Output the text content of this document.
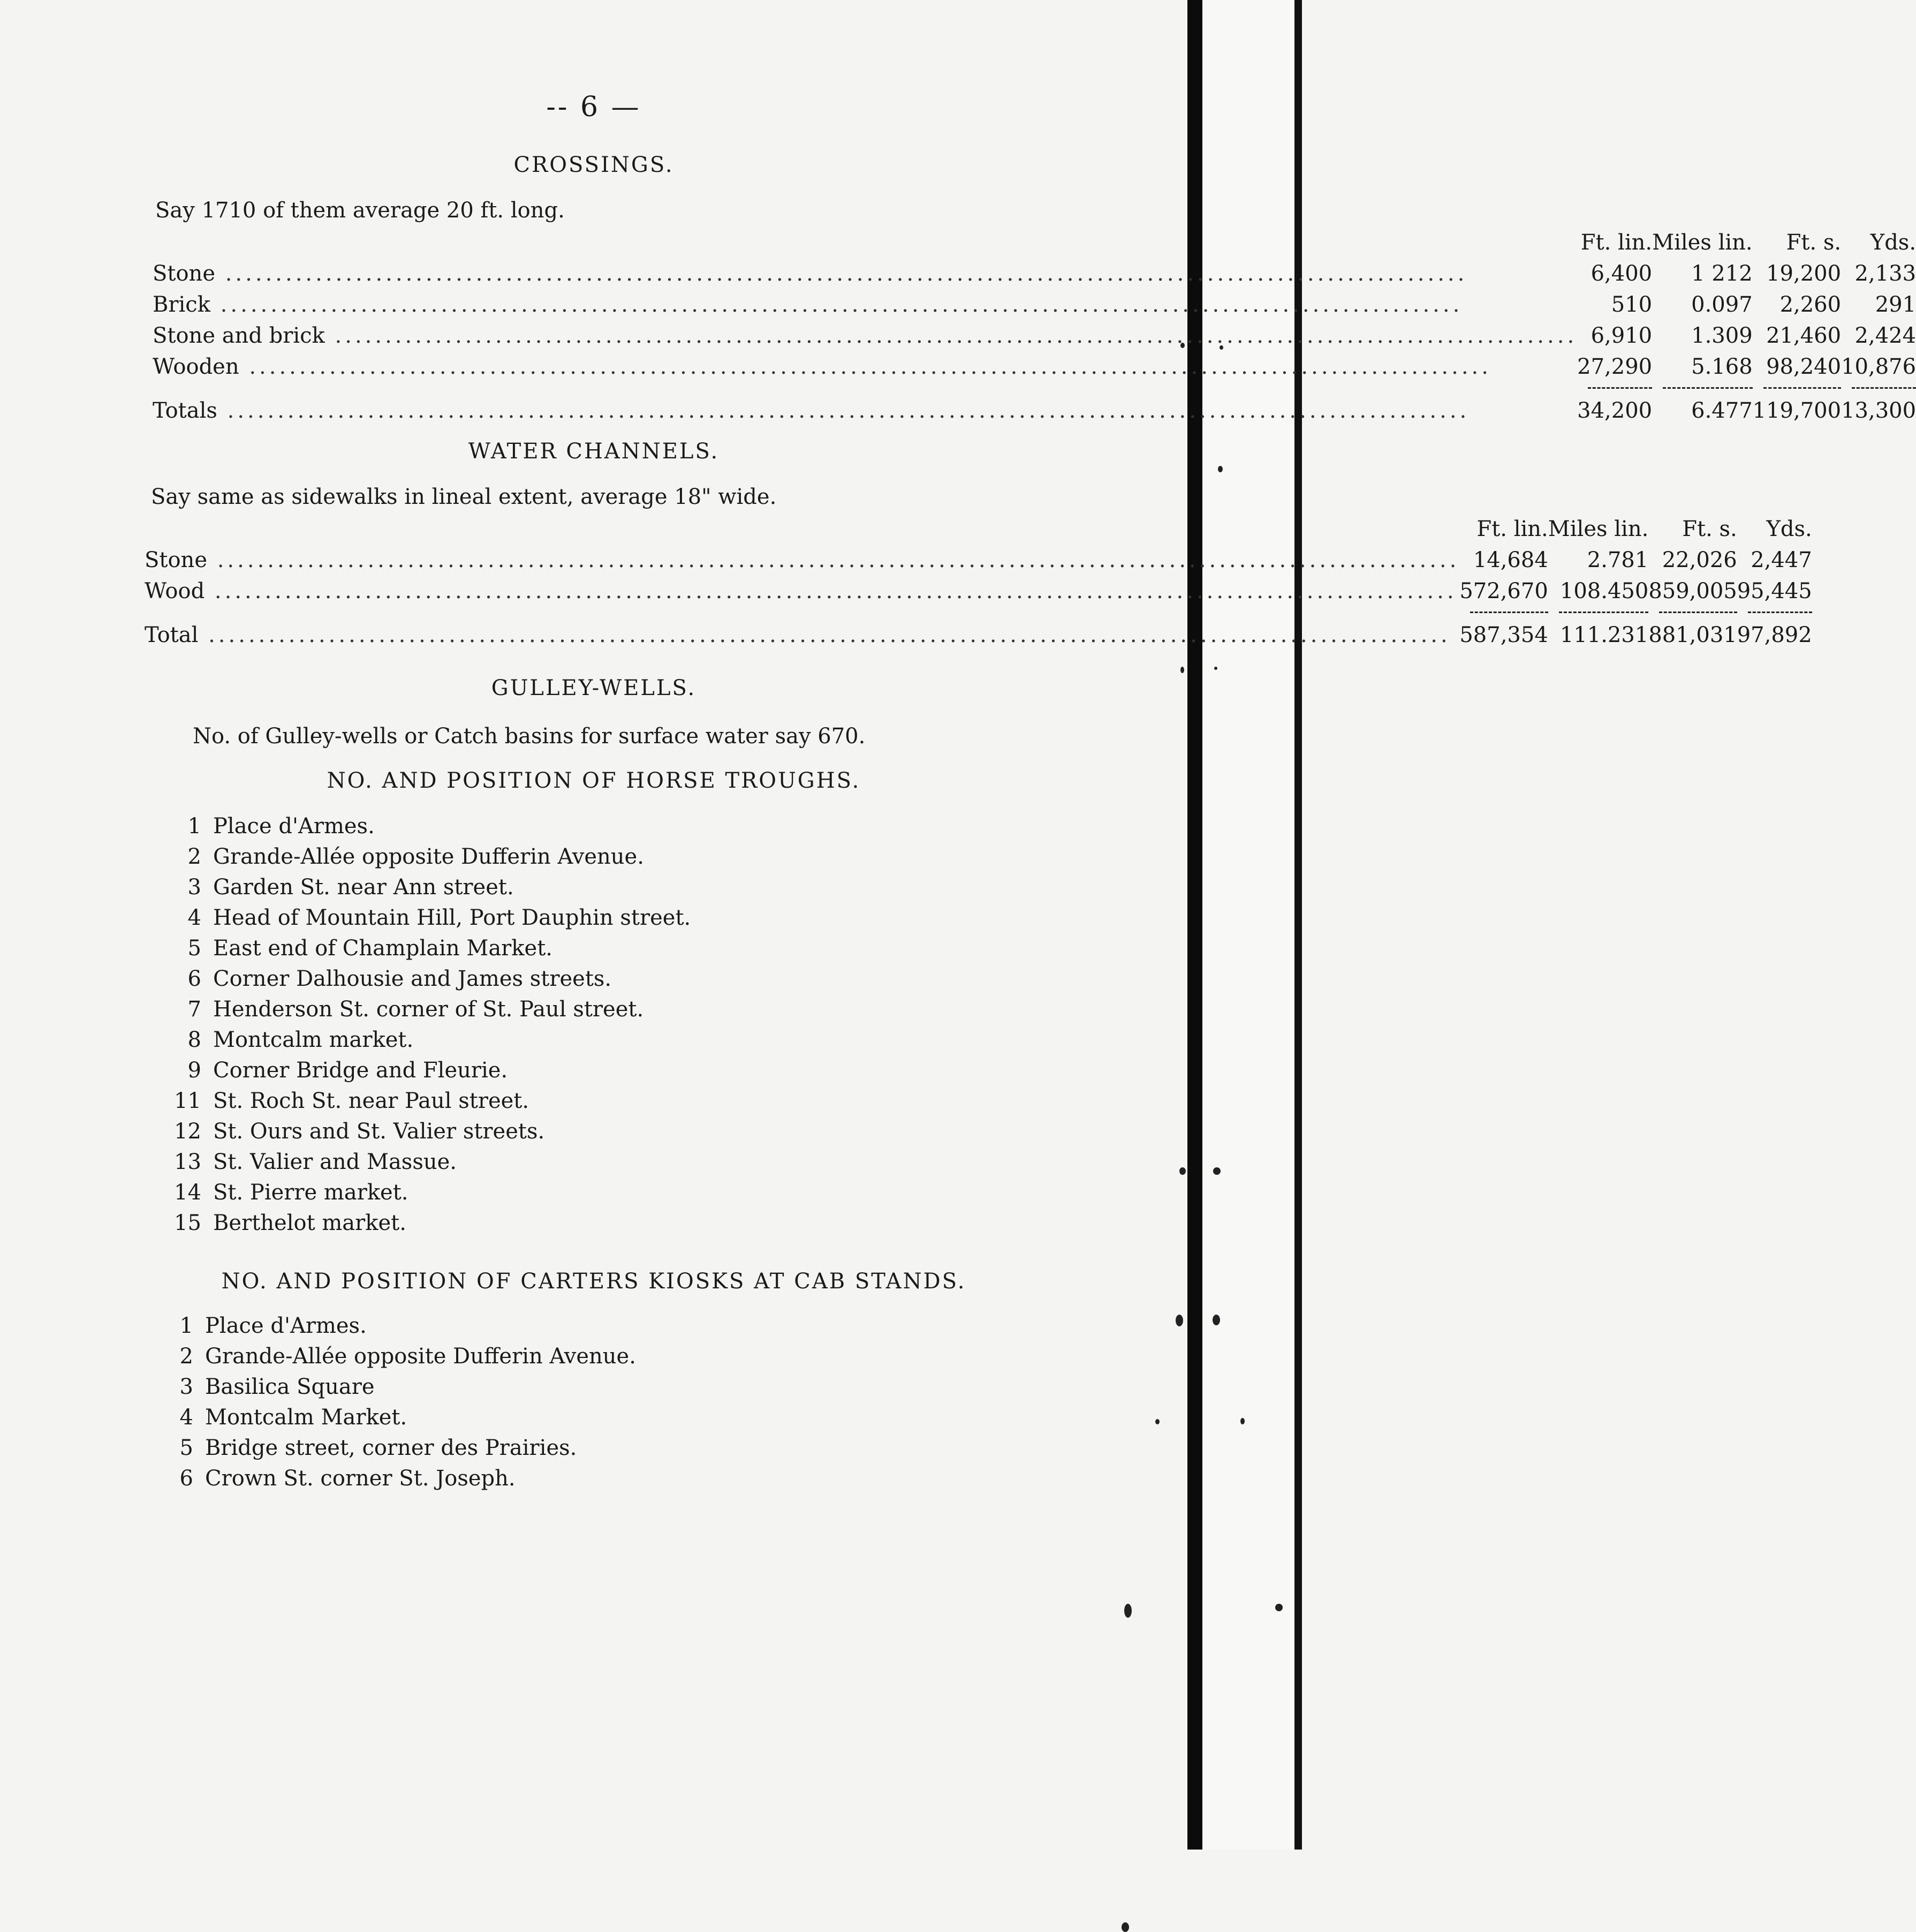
-- 6 —
CROSSINGS.
Say 1710 of them average 20 ft. long.
	Ft. lin.	Miles lin.	Ft. s.	Yds.
Stone .....	6,400	1 212	19,200	2,133
Brick .....	510	0.097	2,260	291
Stone and brick .....	6,910	1.309	21,460	2,424
Wooden .....	27,290	5.168	98,240	10,876

Totals .....	34,200	6.477	119,700	13,300
WATER CHANNELS.
Say same as sidewalks in lineal extent, average 18" wide.
	Ft. lin.	Miles lin.	Ft. s.	Yds.
Stone .....	14,684	2.781	22,026	2,447
Wood .....	572,670	108.450	859,005	95,445

Total .....	587,354	111.231	881,031	97,892
GULLEY-WELLS.
No. of Gulley-wells or Catch basins for surface water say 670.
NO. AND POSITION OF HORSE TROUGHS.
1 Place d'Armes.
2 Grande-Allée opposite Dufferin Avenue.
3 Garden St. near Ann street.
4 Head of Mountain Hill, Port Dauphin street.
5 East end of Champlain Market.
6 Corner Dalhousie and James streets.
7 Henderson St. corner of St. Paul street.
8 Montcalm market.
9 Corner Bridge and Fleurie.
11 St. Roch St. near Paul street.
12 St. Ours and St. Valier streets.
13 St. Valier and Massue.
14 St. Pierre market.
15 Berthelot market.
NO. AND POSITION OF CARTERS KIOSKS AT CAB STANDS.
1 Place d'Armes.
2 Grande-Allée opposite Dufferin Avenue.
3 Basilica Square
4 Montcalm Market.
5 Bridge street, corner des Prairies.
6 Crown St. corner St. Joseph.
